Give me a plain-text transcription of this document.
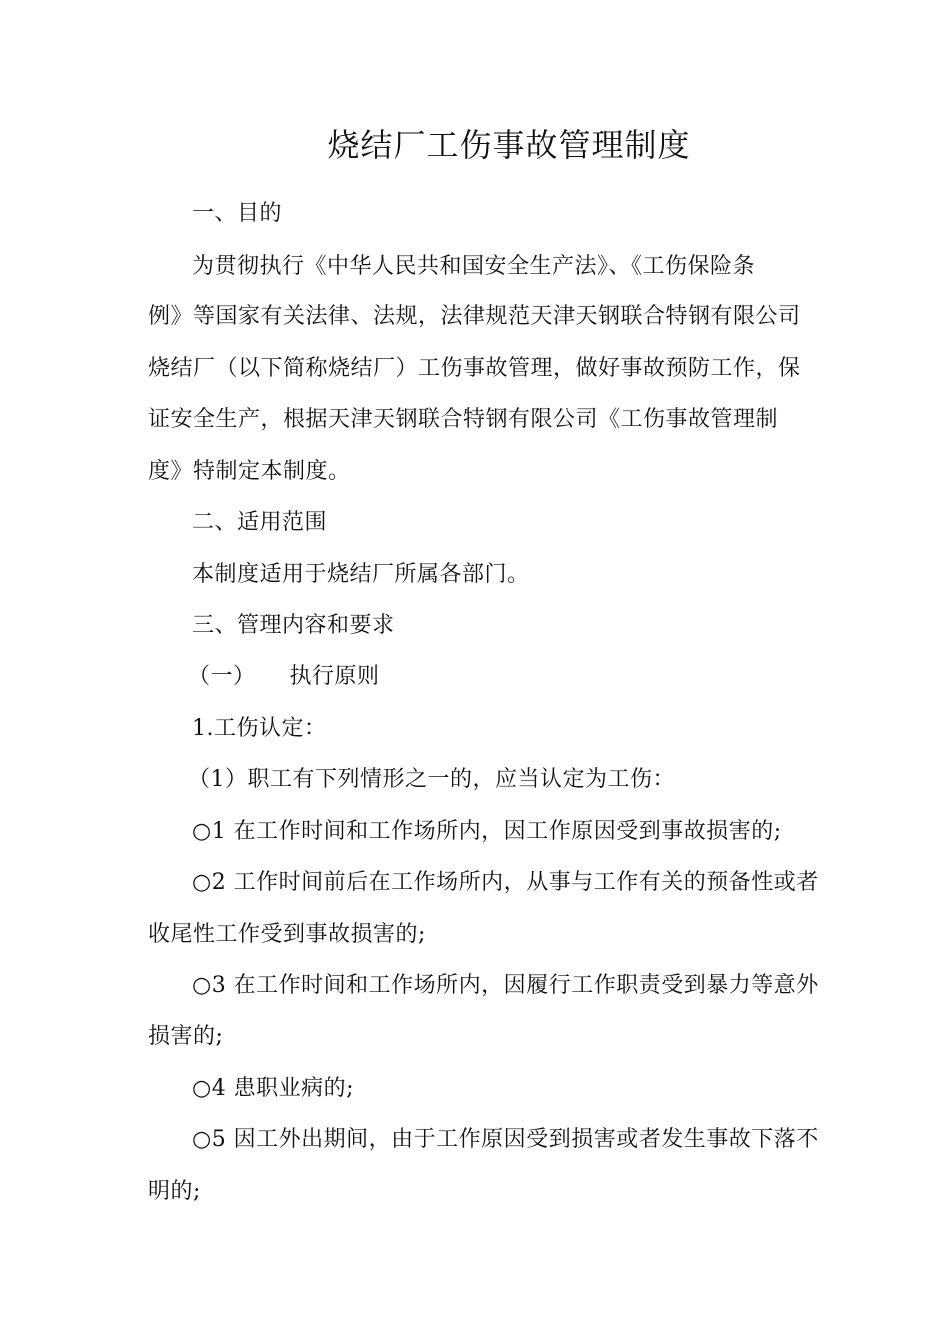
烧结厂工伤事故管理制度
一、目的
为贯彻执行《中华人民共和国安全生产法》、《工伤保险条
例》等国家有关法律、法规，法律规范天津天钢联合特钢有限公司
烧结厂（以下简称烧结厂）工伤事故管理，做好事故预防工作，保
证安全生产，根据天津天钢联合特钢有限公司《工伤事故管理制
度》特制定本制度。
二、适用范围
本制度适用于烧结厂所属各部门。
三、管理内容和要求
（一） 执行原则
1.工伤认定：
（1）职工有下列情形之一的，应当认定为工伤：
○1 在工作时间和工作场所内，因工作原因受到事故损害的;
○2 工作时间前后在工作场所内，从事与工作有关的预备性或者
收尾性工作受到事故损害的;
○3 在工作时间和工作场所内，因履行工作职责受到暴力等意外
损害的;
○4 患职业病的;
○5 因工外出期间，由于工作原因受到损害或者发生事故下落不
明的;
